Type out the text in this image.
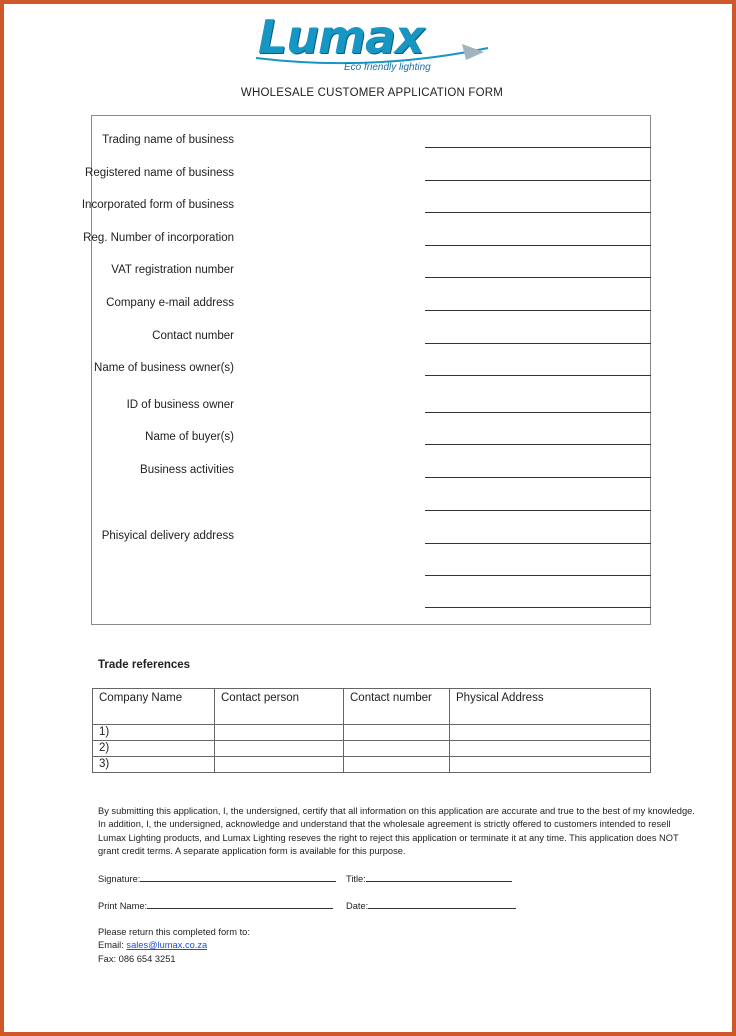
Lumax
Eco friendly lighting
WHOLESALE CUSTOMER APPLICATION FORM
Trading name of business
Registered name of business
Incorporated form of business
Reg. Number of incorporation
VAT registration number
Company e-mail address
Contact number
Name of business owner(s)
ID of business owner
Name of buyer(s)
Business activities
Phisyical delivery address
Trade references
Company Name	Contact person	Contact number	Physical Address
1)			
2)			
3)			
By submitting this application, I, the undersigned, certify that all information on this application are accurate and true to the best of my knowledge. In addition, I, the undersigned, acknowledge and understand that the wholesale agreement is strictly offered to customers intended to resell Lumax Lighting products, and Lumax Lighting reseves the right to reject this application or terminate it at any time. This application does NOT grant credit terms. A separate application form is available for this purpose.
Signature:	Title:
Print Name:	Date:
Please return this completed form to:
Email: sales@lumax.co.za
Fax: 086 654 3251
